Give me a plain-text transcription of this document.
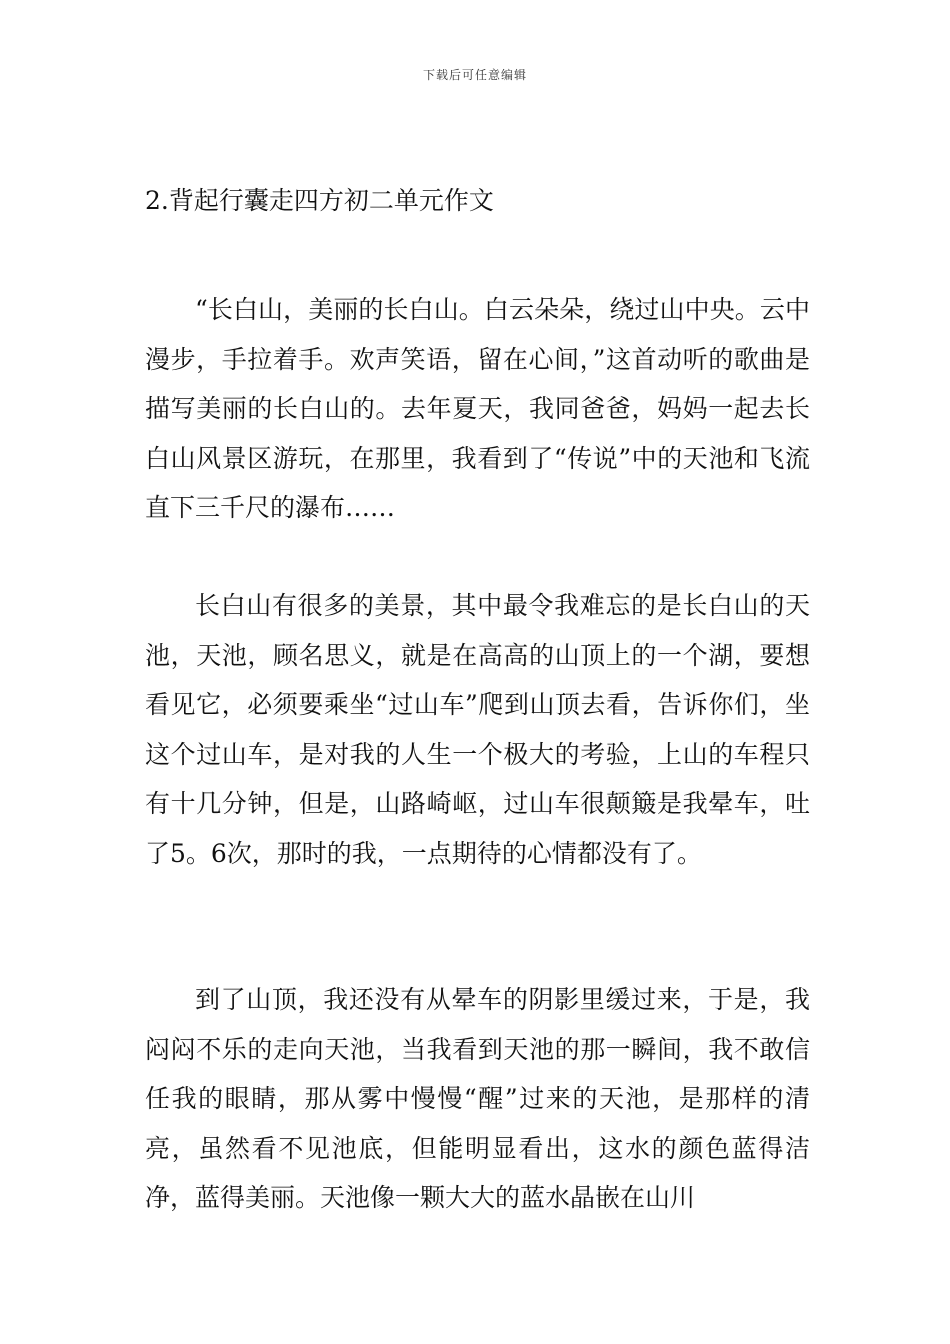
下载后可任意编辑
2.背起行囊走四方初二单元作文

“长白山，美丽的长白山。白云朵朵，绕过山中央。云中漫步，手拉着手。欢声笑语，留在心间，”这首动听的歌曲是描写美丽的长白山的。去年夏天，我同爸爸，妈妈一起去长白山风景区游玩，在那里，我看到了“传说”中的天池和飞流直下三千尺的瀑布……

长白山有很多的美景，其中最令我难忘的是长白山的天池，天池，顾名思义，就是在高高的山顶上的一个湖，要想看见它，必须要乘坐“过山车”爬到山顶去看，告诉你们，坐这个过山车，是对我的人生一个极大的考验，上山的车程只有十几分钟，但是，山路崎岖，过山车很颠簸是我晕车，吐了5。6次，那时的我，一点期待的心情都没有了。

到了山顶，我还没有从晕车的阴影里缓过来，于是，我闷闷不乐的走向天池，当我看到天池的那一瞬间，我不敢信任我的眼睛，那从雾中慢慢“醒”过来的天池，是那样的清亮，虽然看不见池底，但能明显看出，这水的颜色蓝得洁净，蓝得美丽。天池像一颗大大的蓝水晶嵌在山川
